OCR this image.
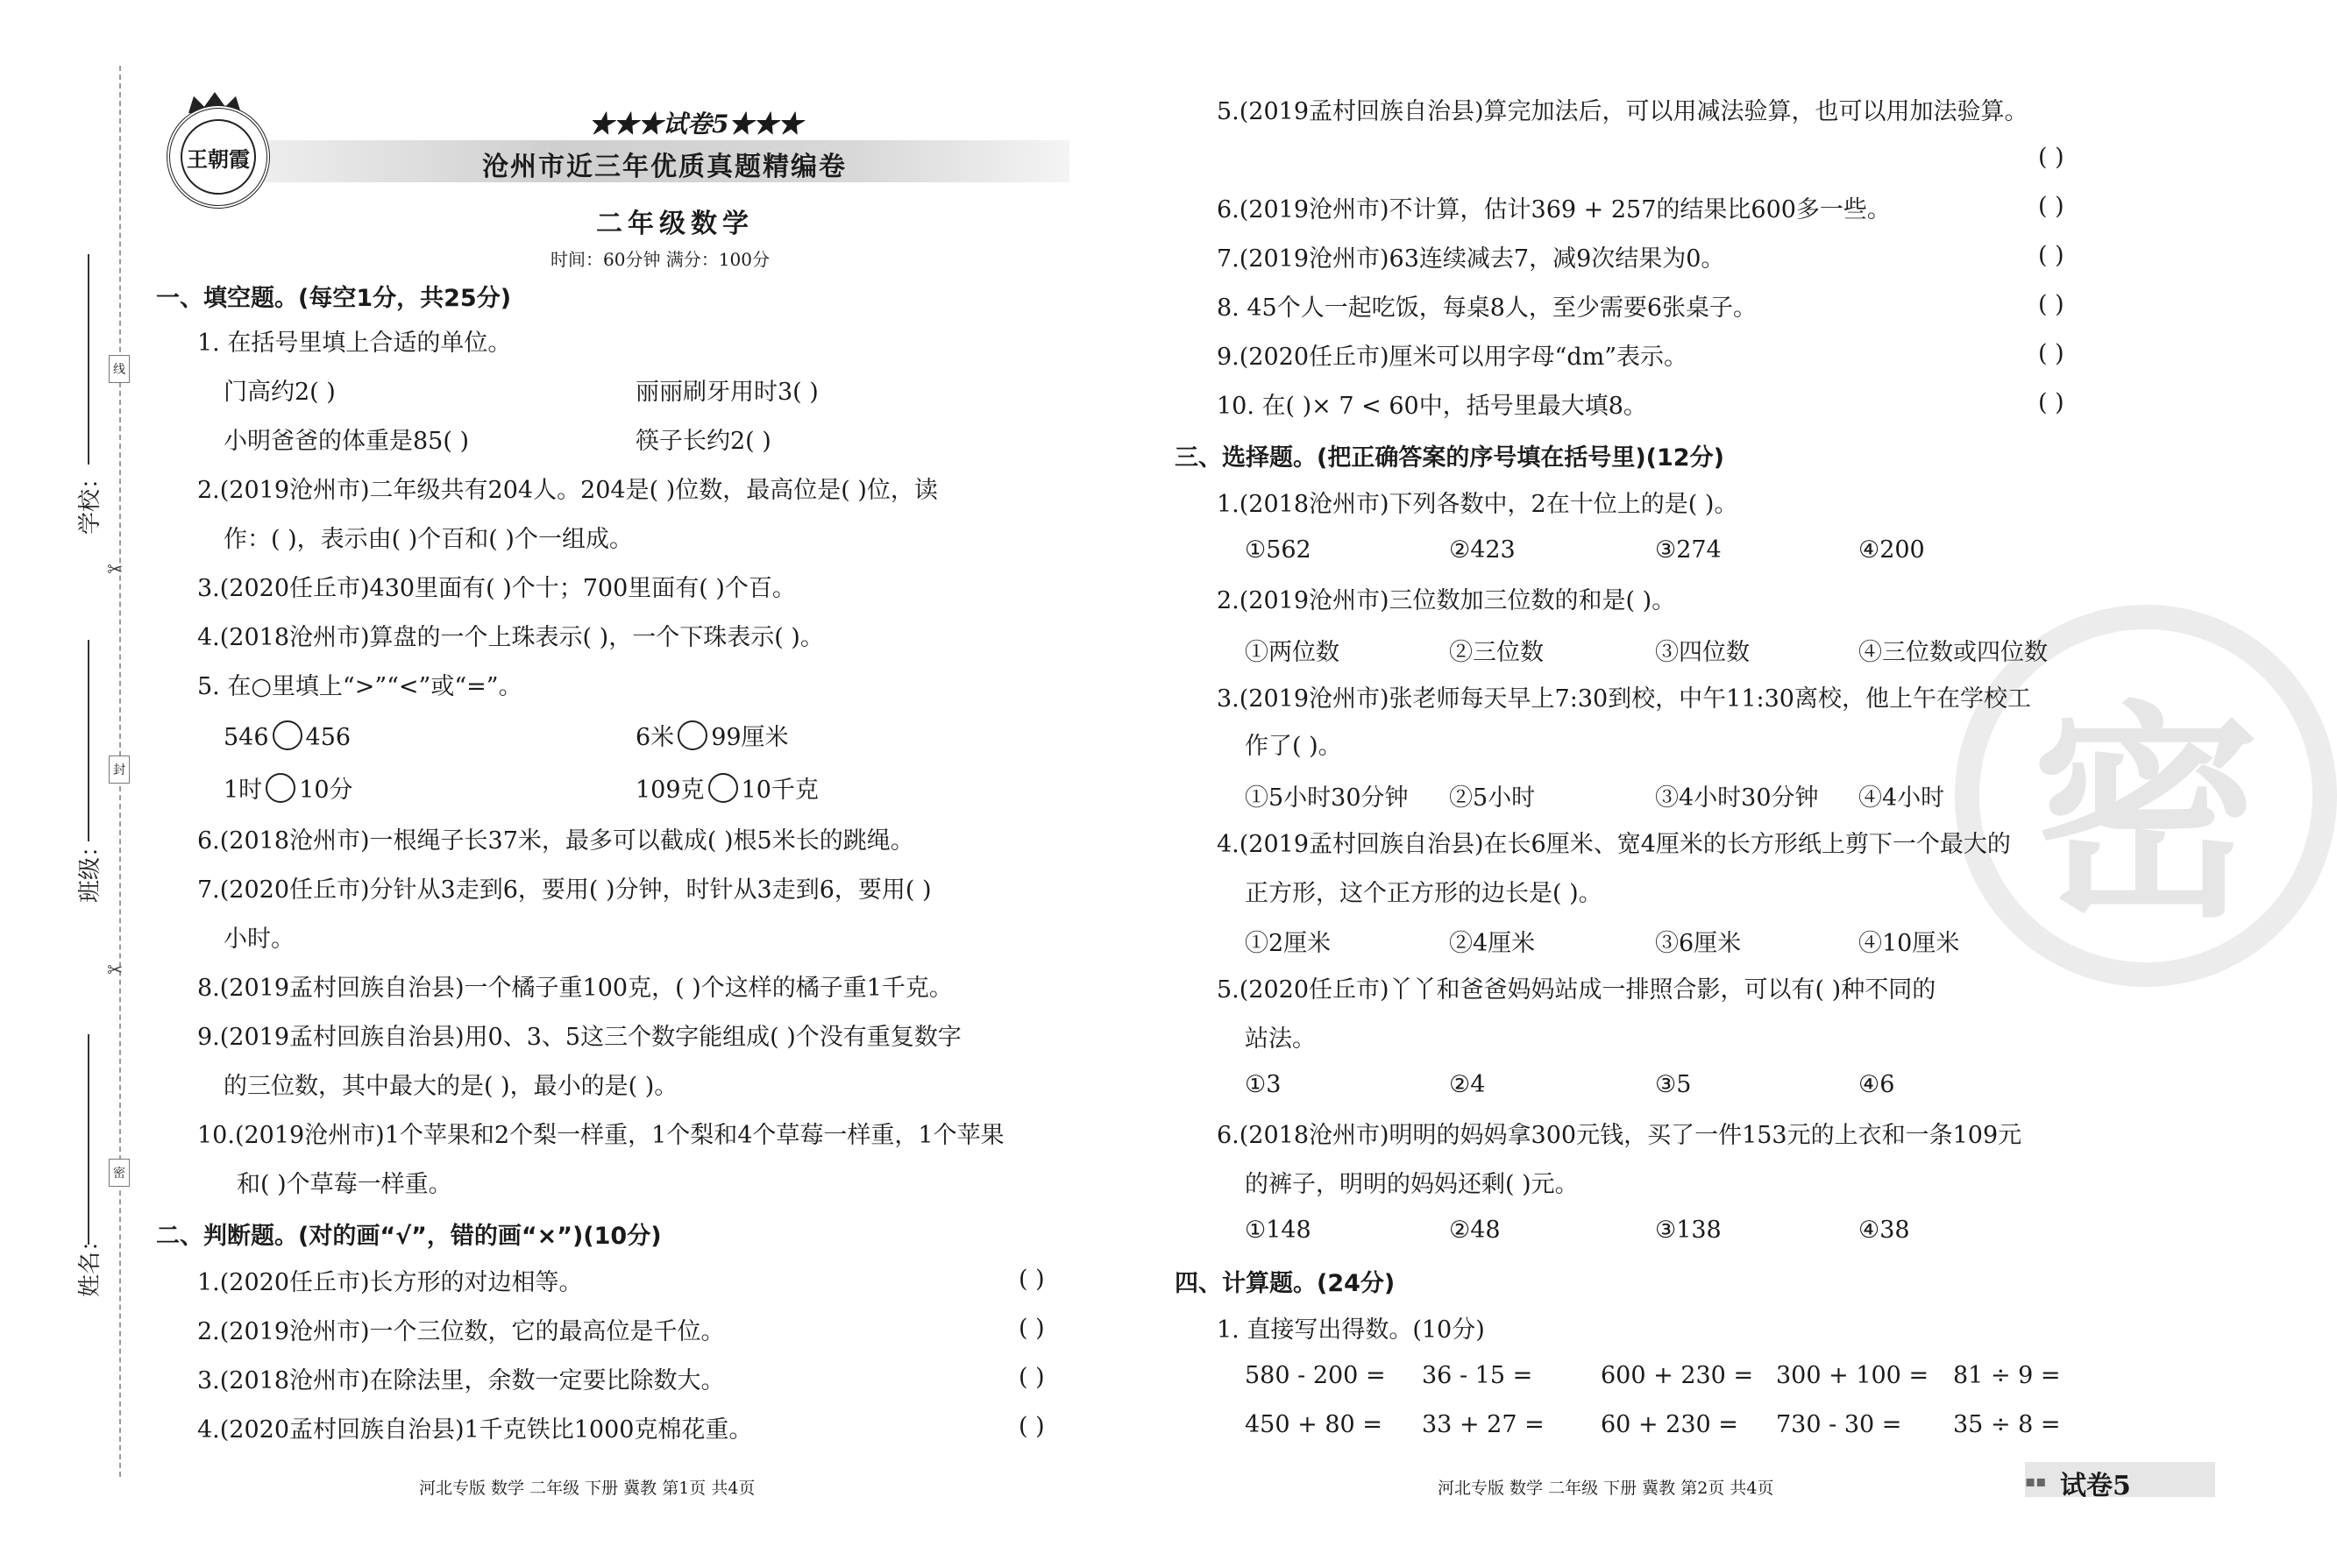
学校：
班级：
姓名：
线
封
密
✂
✂
王朝霞
★★★试卷5★★★
沧州市近三年优质真题精编卷
二年级数学
时间：60分钟 满分：100分
一、填空题。(每空1分，共25分)
1. 在括号里填上合适的单位。
门高约2( )	丽丽刷牙用时3( )
小明爸爸的体重是85( )	筷子长约2( )
2.(2019沧州市)二年级共有204人。204是( )位数，最高位是( )位，读
作：( )，表示由( )个百和( )个一组成。
3.(2020任丘市)430里面有( )个十；700里面有( )个百。
4.(2018沧州市)算盘的一个上珠表示( )，一个下珠表示( )。
5. 在○里填上“>”“<”或“=”。
546 456	6米 99厘米
1时 10分	109克 10千克
6.(2018沧州市)一根绳子长37米，最多可以截成( )根5米长的跳绳。
7.(2020任丘市)分针从3走到6，要用( )分钟，时针从3走到6，要用( )
小时。
8.(2019孟村回族自治县)一个橘子重100克，( )个这样的橘子重1千克。
9.(2019孟村回族自治县)用0、3、5这三个数字能组成( )个没有重复数字
的三位数，其中最大的是( )，最小的是( )。
10.(2019沧州市)1个苹果和2个梨一样重，1个梨和4个草莓一样重，1个苹果
和( )个草莓一样重。
二、判断题。(对的画“√”，错的画“×”)(10分)
1.(2020任丘市)长方形的对边相等。	( )
2.(2019沧州市)一个三位数，它的最高位是千位。	( )
3.(2018沧州市)在除法里，余数一定要比除数大。	( )
4.(2020孟村回族自治县)1千克铁比1000克棉花重。	( )
河北专版 数学 二年级 下册 冀教 第1页 共4页
密
5.(2019孟村回族自治县)算完加法后，可以用减法验算，也可以用加法验算。
( )
6.(2019沧州市)不计算，估计369 + 257的结果比600多一些。	( )
7.(2019沧州市)63连续减去7，减9次结果为0。	( )
8. 45个人一起吃饭，每桌8人，至少需要6张桌子。	( )
9.(2020任丘市)厘米可以用字母“dm”表示。	( )
10. 在( )× 7 < 60中，括号里最大填8。	( )
三、选择题。(把正确答案的序号填在括号里)(12分)
1.(2018沧州市)下列各数中，2在十位上的是( )。
①562	②423	③274	④200
2.(2019沧州市)三位数加三位数的和是( )。
①两位数	②三位数	③四位数	④三位数或四位数
3.(2019沧州市)张老师每天早上7:30到校，中午11:30离校，他上午在学校工
作了( )。
①5小时30分钟 ②5小时	③4小时30分钟 ④4小时
4.(2019孟村回族自治县)在长6厘米、宽4厘米的长方形纸上剪下一个最大的
正方形，这个正方形的边长是( )。
①2厘米	②4厘米	③6厘米	④10厘米
5.(2020任丘市)丫丫和爸爸妈妈站成一排照合影，可以有( )种不同的
站法。
①3	②4	③5	④6
6.(2018沧州市)明明的妈妈拿300元钱，买了一件153元的上衣和一条109元
的裤子，明明的妈妈还剩( )元。
①148	②48	③138	④38
四、计算题。(24分)
1. 直接写出得数。(10分)
580 - 200 = 36 - 15 =	600 + 230 = 300 + 100 = 81 ÷ 9 =
450 + 80 = 33 + 27 = 60 + 230 = 730 - 30 = 35 ÷ 8 =
河北专版 数学 二年级 下册 冀教 第2页 共4页	▪▪ 试卷5
